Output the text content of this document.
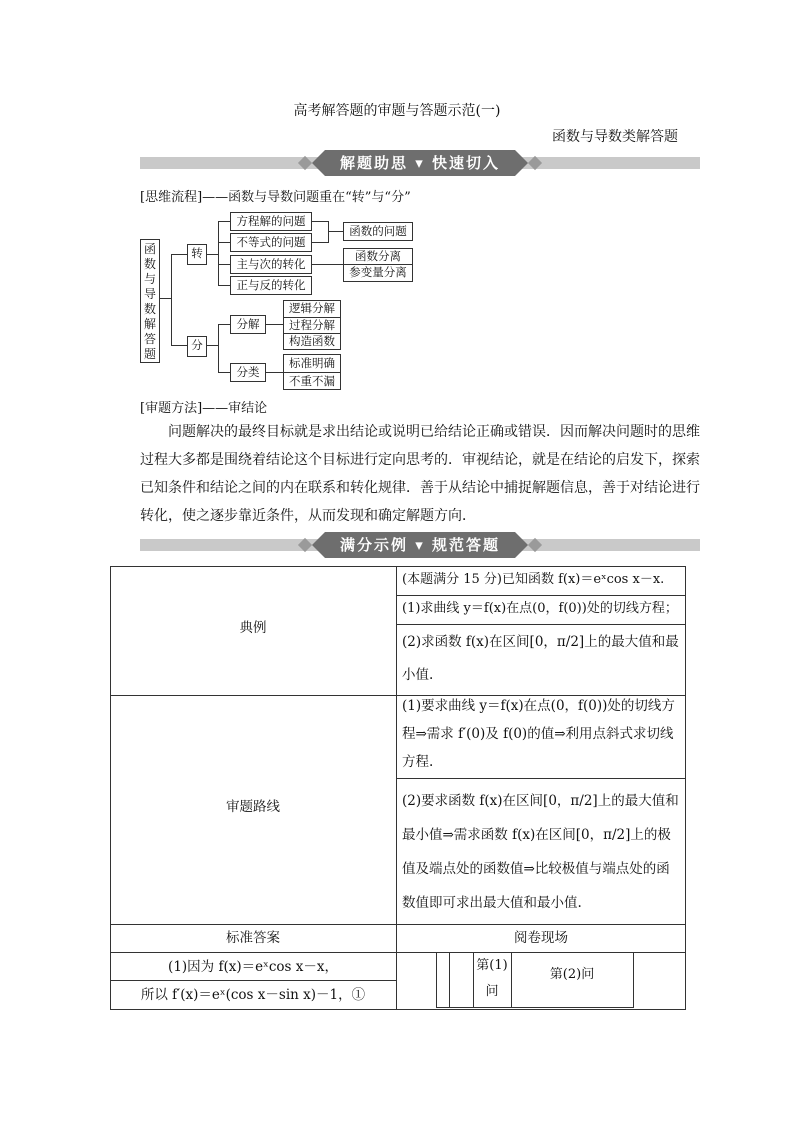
高考解答题的审题与答题示范(一)
函数与导数类解答题
解题助思 ▾ 快速切入
[思维流程]——函数与导数问题重在“转”与“分”
函数与导数解答题
转
分
方程解的问题
不等式的问题
主与次的转化
正与反的转化
函数的问题
函数分离
参变量分离
分解
分类
逻辑分解
过程分解
构造函数
标准明确
不重不漏
[审题方法]——审结论
问题解决的最终目标就是求出结论或说明已给结论正确或错误．因而解决问题时的思维过程大多都是围绕着结论这个目标进行定向思考的．审视结论，就是在结论的启发下，探索已知条件和结论之间的内在联系和转化规律．善于从结论中捕捉解题信息，善于对结论进行转化，使之逐步靠近条件，从而发现和确定解题方向．
满分示例 ▾ 规范答题
典例
(本题满分 15 分)已知函数 f(x)＝eˣcos x－x.
(1)求曲线 y＝f(x)在点(0，f(0))处的切线方程；
(2)求函数 f(x)在区间[0，π/2]上的最大值和最小值.
审题路线
(1)要求曲线 y＝f(x)在点(0，f(0))处的切线方程⇒需求 f′(0)及 f(0)的值⇒利用点斜式求切线方程.
(2)要求函数 f(x)在区间[0，π/2]上的最大值和最小值⇒需求函数 f(x)在区间[0，π/2]上的极值及端点处的函数值⇒比较极值与端点处的函数值即可求出最大值和最小值.
标准答案	阅卷现场
(1)因为 f(x)＝eˣcos x－x，
所以 f′(x)＝eˣ(cos x－sin x)－1，①
第(1)问
第(2)问
